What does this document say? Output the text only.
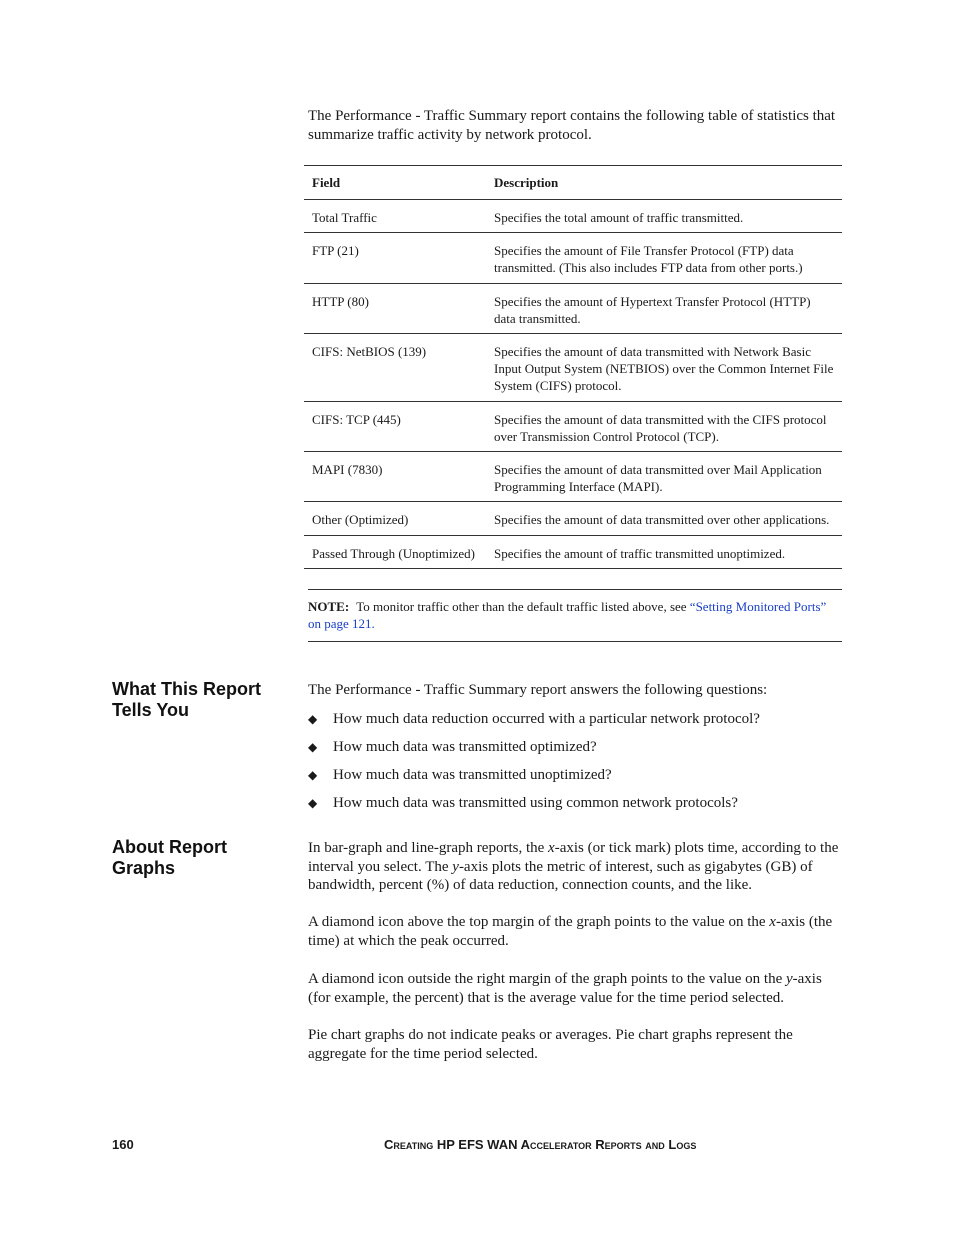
The Performance - Traffic Summary report contains the following table of statistics that summarize traffic activity by network protocol.
Field	Description
Total Traffic	Specifies the total amount of traffic transmitted.
FTP (21)	Specifies the amount of File Transfer Protocol (FTP) data transmitted. (This also includes FTP data from other ports.)
HTTP (80)	Specifies the amount of Hypertext Transfer Protocol (HTTP) data transmitted.
CIFS: NetBIOS (139)	Specifies the amount of data transmitted with Network Basic Input Output System (NETBIOS) over the Common Internet File System (CIFS) protocol.
CIFS: TCP (445)	Specifies the amount of data transmitted with the CIFS protocol over Transmission Control Protocol (TCP).
MAPI (7830)	Specifies the amount of data transmitted over Mail Application Programming Interface (MAPI).
Other (Optimized)	Specifies the amount of data transmitted over other applications.
Passed Through (Unoptimized)	Specifies the amount of traffic transmitted unoptimized.
NOTE: To monitor traffic other than the default traffic listed above, see “Setting Monitored Ports” on page 121.
What This Report Tells You
The Performance - Traffic Summary report answers the following questions:
◆ How much data reduction occurred with a particular network protocol?
◆ How much data was transmitted optimized?
◆ How much data was transmitted unoptimized?
◆ How much data was transmitted using common network protocols?
About Report Graphs
In bar-graph and line-graph reports, the x-axis (or tick mark) plots time, according to the interval you select. The y-axis plots the metric of interest, such as gigabytes (GB) of bandwidth, percent (%) of data reduction, connection counts, and the like.
A diamond icon above the top margin of the graph points to the value on the x-axis (the time) at which the peak occurred.
A diamond icon outside the right margin of the graph points to the value on the y-axis (for example, the percent) that is the average value for the time period selected.
Pie chart graphs do not indicate peaks or averages. Pie chart graphs represent the aggregate for the time period selected.
160	Creating HP EFS WAN Accelerator Reports and Logs
